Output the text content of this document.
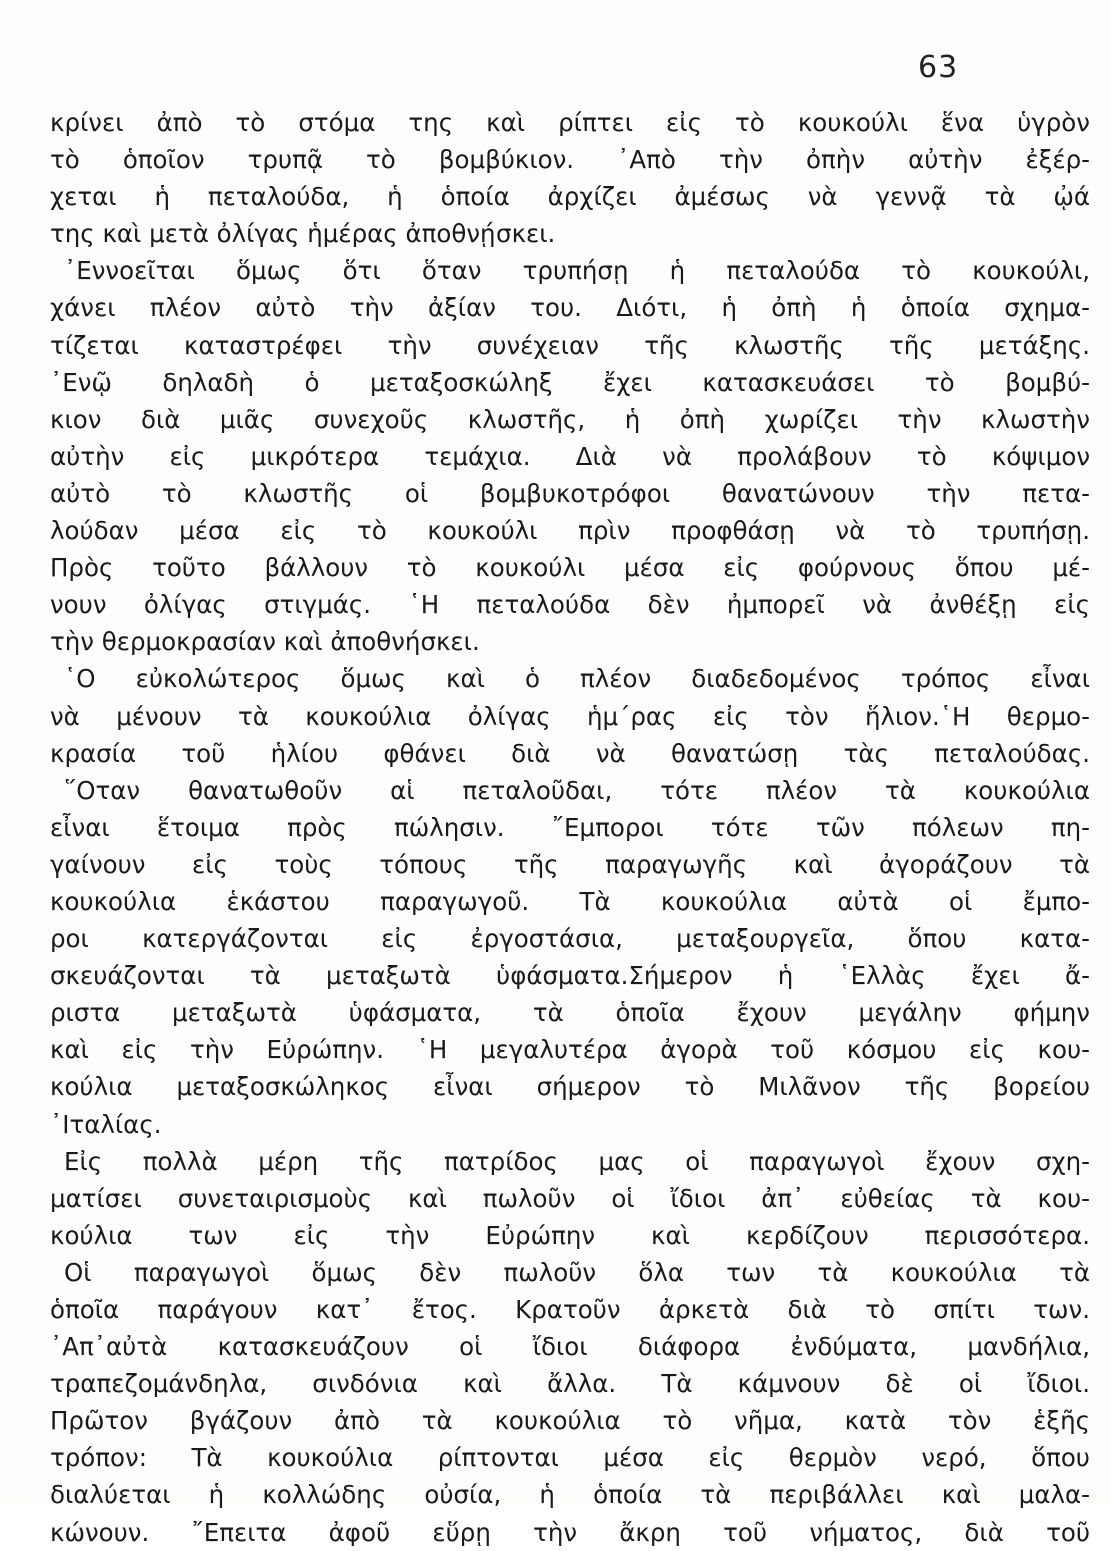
63
κρίνει ἀπὸ τὸ στόμα της καὶ ρίπτει εἰς τὸ κουκούλι ἕνα ὑγρὸν
τὸ ὁποῖον τρυπᾷ τὸ βομβύκιον. ᾽Απὸ τὴν ὀπὴν αὐτὴν ἐξέρ-
χεται ἡ πεταλούδα, ἡ ὁποία ἀρχίζει ἀμέσως νὰ γεννᾷ τὰ ᾠά
της καὶ μετὰ ὀλίγας ἡμέρας ἀποθνῄσκει.
᾽Εννοεῖται ὅμως ὅτι ὅταν τρυπήσῃ ἡ πεταλούδα τὸ κουκούλι,
χάνει πλέον αὐτὸ τὴν ἀξίαν του. Διότι, ἡ ὀπὴ ἡ ὁποία σχημα-
τίζεται καταστρέφει τὴν συνέχειαν τῆς κλωστῆς τῆς μετάξης.
᾽Ενῷ δηλαδὴ ὁ μεταξοσκώληξ ἔχει κατασκευάσει τὸ βομβύ-
κιον διὰ μιᾶς συνεχοῦς κλωστῆς, ἡ ὀπὴ χωρίζει τὴν κλωστὴν
αὐτὴν εἰς μικρότερα τεμάχια. Διὰ νὰ προλάβουν τὸ κόψιμον
αὐτὸ τὸ κλωστῆς οἱ βομβυκοτρόφοι θανατώνουν τὴν πετα-
λούδαν μέσα εἰς τὸ κουκούλι πρὶν προφθάσῃ νὰ τὸ τρυπήσῃ.
Πρὸς τοῦτο βάλλουν τὸ κουκούλι μέσα εἰς φούρνους ὅπου μέ-
νουν ὀλίγας στιγμάς. ῾Η πεταλούδα δὲν ἠμπορεῖ νὰ ἀνθέξῃ εἰς
τὴν θερμοκρασίαν καὶ ἀποθνήσκει.
῾Ο εὐκολώτερος ὅμως καὶ ὁ πλέον διαδεδομένος τρόπος εἶναι
νὰ μένουν τὰ κουκούλια ὀλίγας ἡμ΄ρας εἰς τὸν ἥλιον.῾Η θερμο-
κρασία τοῦ ἡλίου φθάνει διὰ νὰ θανατώσῃ τὰς πεταλούδας.
῞Οταν θανατωθοῦν αἱ πεταλοῦδαι, τότε πλέον τὰ κουκούλια
εἶναι ἕτοιμα πρὸς πώλησιν. ῎Εμποροι τότε τῶν πόλεων πη-
γαίνουν εἰς τοὺς τόπους τῆς παραγωγῆς καὶ ἀγοράζουν τὰ
κουκούλια ἑκάστου παραγωγοῦ. Τὰ κουκούλια αὐτὰ οἱ ἔμπο-
ροι κατεργάζονται εἰς ἐργοστάσια, μεταξουργεῖα, ὅπου κατα-
σκευάζονται τὰ μεταξωτὰ ὑφάσματα.Σήμερον ἡ ῾Ελλὰς ἔχει ἄ-
ριστα μεταξωτὰ ὑφάσματα, τὰ ὁποῖα ἔχουν μεγάλην φήμην
καὶ εἰς τὴν Εὐρώπην. ῾Η μεγαλυτέρα ἀγορὰ τοῦ κόσμου εἰς κου-
κούλια μεταξοσκώληκος εἶναι σήμερον τὸ Μιλᾶνον τῆς βορείου
᾽Ιταλίας.
Εἰς πολλὰ μέρη τῆς πατρίδος μας οἱ παραγωγοὶ ἔχουν σχη-
ματίσει συνεταιρισμοὺς καὶ πωλοῦν οἱ ἴδιοι ἀπ᾽ εὐθείας τὰ κου-
κούλια των εἰς τὴν Εὐρώπην καὶ κερδίζουν περισσότερα.
Οἱ παραγωγοὶ ὅμως δὲν πωλοῦν ὅλα των τὰ κουκούλια τὰ
ὁποῖα παράγουν κατ᾽ ἔτος. Κρατοῦν ἀρκετὰ διὰ τὸ σπίτι των.
᾽Απ᾽αὐτὰ κατασκευάζουν οἱ ἴδιοι διάφορα ἐνδύματα, μανδήλια,
τραπεζομάνδηλα, σινδόνια καὶ ἄλλα. Τὰ κάμνουν δὲ οἱ ἴδιοι.
Πρῶτον βγάζουν ἀπὸ τὰ κουκούλια τὸ νῆμα, κατὰ τὸν ἑξῆς
τρόπον: Τὰ κουκούλια ρίπτονται μέσα εἰς θερμὸν νερό, ὅπου
διαλύεται ἡ κολλώδης οὐσία, ἡ ὁποία τὰ περιβάλλει καὶ μαλα-
κώνουν. ῎Επειτα ἀφοῦ εὕρῃ τὴν ἄκρη τοῦ νήματος, διὰ τοῦ
